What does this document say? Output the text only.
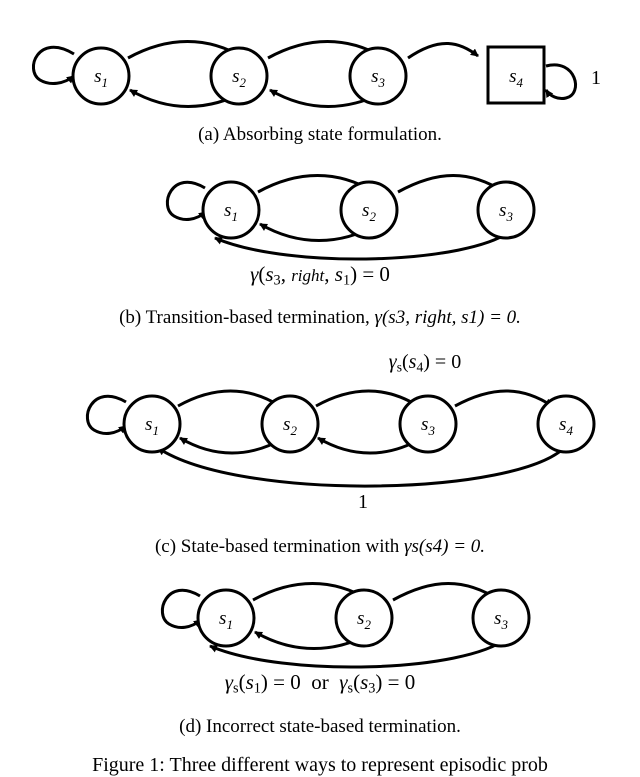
$s_1$	$s_2$	$s_3$	$s_4$	1
(a) Absorbing state formulation.
$s_1$	$s_2$	$s_3$
$\gamma(s_3$, right, $s_1) = 0$
(b) Transition-based termination, γ(s3, right, s1) = 0.
$\gamma_s(s_4) = 0$
$s_1$	$s_2$	$s_3$	$s_4$
1
(c) State-based termination with γs(s4) = 0.
$s_1$	$s_2$	$s_3$
$\gamma_s(s_1) = 0$ or $\gamma_s(s_3) = 0$
(d) Incorrect state-based termination.
Figure 1: Three different ways to represent episodic prob
